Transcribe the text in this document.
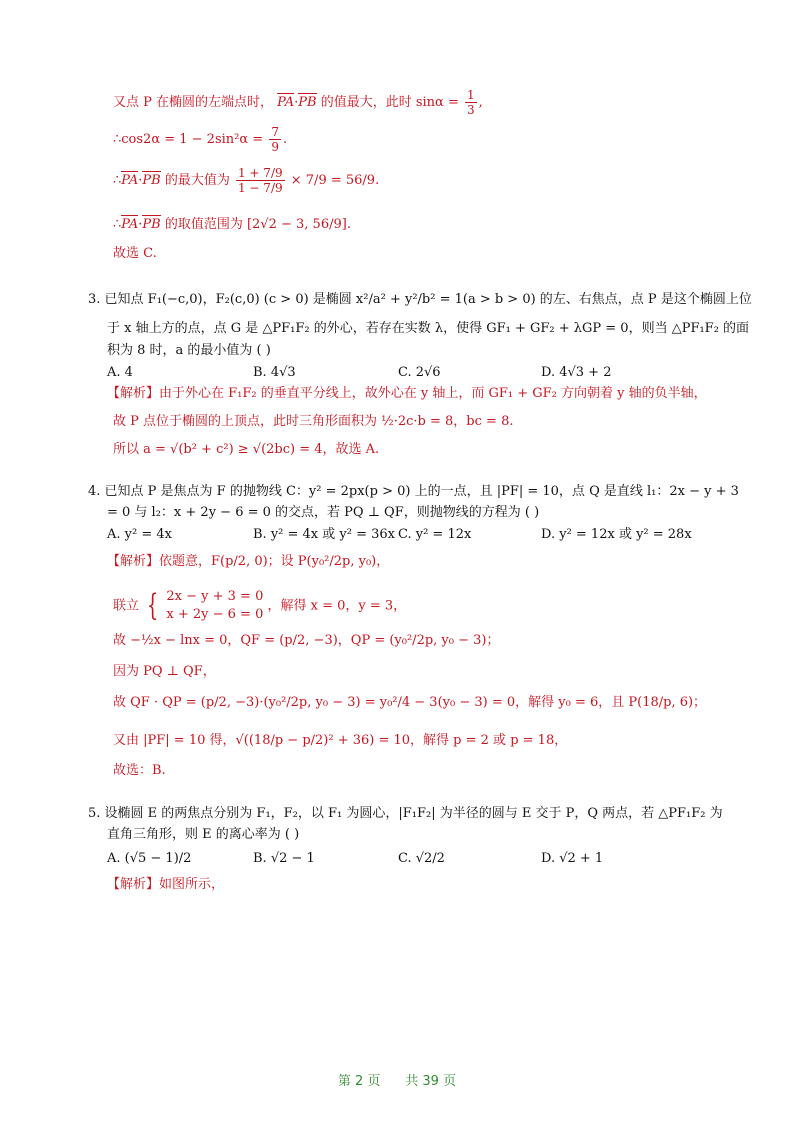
又点 P 在椭圆的左端点时， PA·PB 的值最大，此时 $\sin\alpha = \frac{1}{3}$ ,
∴cos2α = $1 - 2\sin^2\alpha = \frac{7}{9}$ .
∴PA·PB 的最大值为 $\frac{1 + 7/9}{1 - 7/9} \times 7/9 = 56/9$.
∴PA·PB 的取值范围为 [2√2 − 3, 56/9].
故选 C.
3. 已知点 F₁(−c,0)，F₂(c,0) (c > 0) 是椭圆 x²/a² + y²/b² = 1(a > b > 0) 的左、右焦点，点 P 是这个椭圆上位
于 x 轴上方的点，点 G 是 △PF₁F₂ 的外心，若存在实数 λ，使得 GF₁ + GF₂ + λGP = 0，则当 △PF₁F₂ 的面
积为 8 时，a 的最小值为 ( )
A. 4	B. 4√3	C. 2√6	D. 4√3 + 2
【解析】由于外心在 F₁F₂ 的垂直平分线上，故外心在 y 轴上，而 GF₁ + GF₂ 方向朝着 y 轴的负半轴，
故 P 点位于椭圆的上顶点，此时三角形面积为 ½·2c·b = 8，bc = 8.
所以 a = √(b² + c²) ≥ √(2bc) = 4，故选 A.
4. 已知点 P 是焦点为 F 的抛物线 C：y² = 2px(p > 0) 上的一点，且 |PF| = 10，点 Q 是直线 l₁：2x − y + 3
= 0 与 l₂：x + 2y − 6 = 0 的交点，若 PQ ⊥ QF，则抛物线的方程为 ( )
A. y² = 4x	B. y² = 4x 或 y² = 36x C. y² = 12x	D. y² = 12x 或 y² = 28x
【解析】依题意，F(p/2, 0)；设 P(y₀²/2p, y₀)，
联立 { 2x − y + 3 = 0
x + 2y − 6 = 0
，解得 x = 0，y = 3，
故 −½x − lnx = 0，QF = (p/2, −3)，QP = (y₀²/2p, y₀ − 3)；
因为 PQ ⊥ QF，
故 QF · QP = (p/2, −3)·(y₀²/2p, y₀ − 3) = y₀²/4 − 3(y₀ − 3) = 0，解得 y₀ = 6，且 P(18/p, 6)；
又由 |PF| = 10 得，√((18/p − p/2)² + 36) = 10，解得 p = 2 或 p = 18，
故选：B.
5. 设椭圆 E 的两焦点分别为 F₁，F₂，以 F₁ 为圆心，|F₁F₂| 为半径的圆与 E 交于 P，Q 两点，若 △PF₁F₂ 为
直角三角形，则 E 的离心率为 ( )
A. (√5 − 1)/2	B. √2 − 1	C. √2/2	D. √2 + 1
【解析】如图所示，
第 2 页 共 39 页
